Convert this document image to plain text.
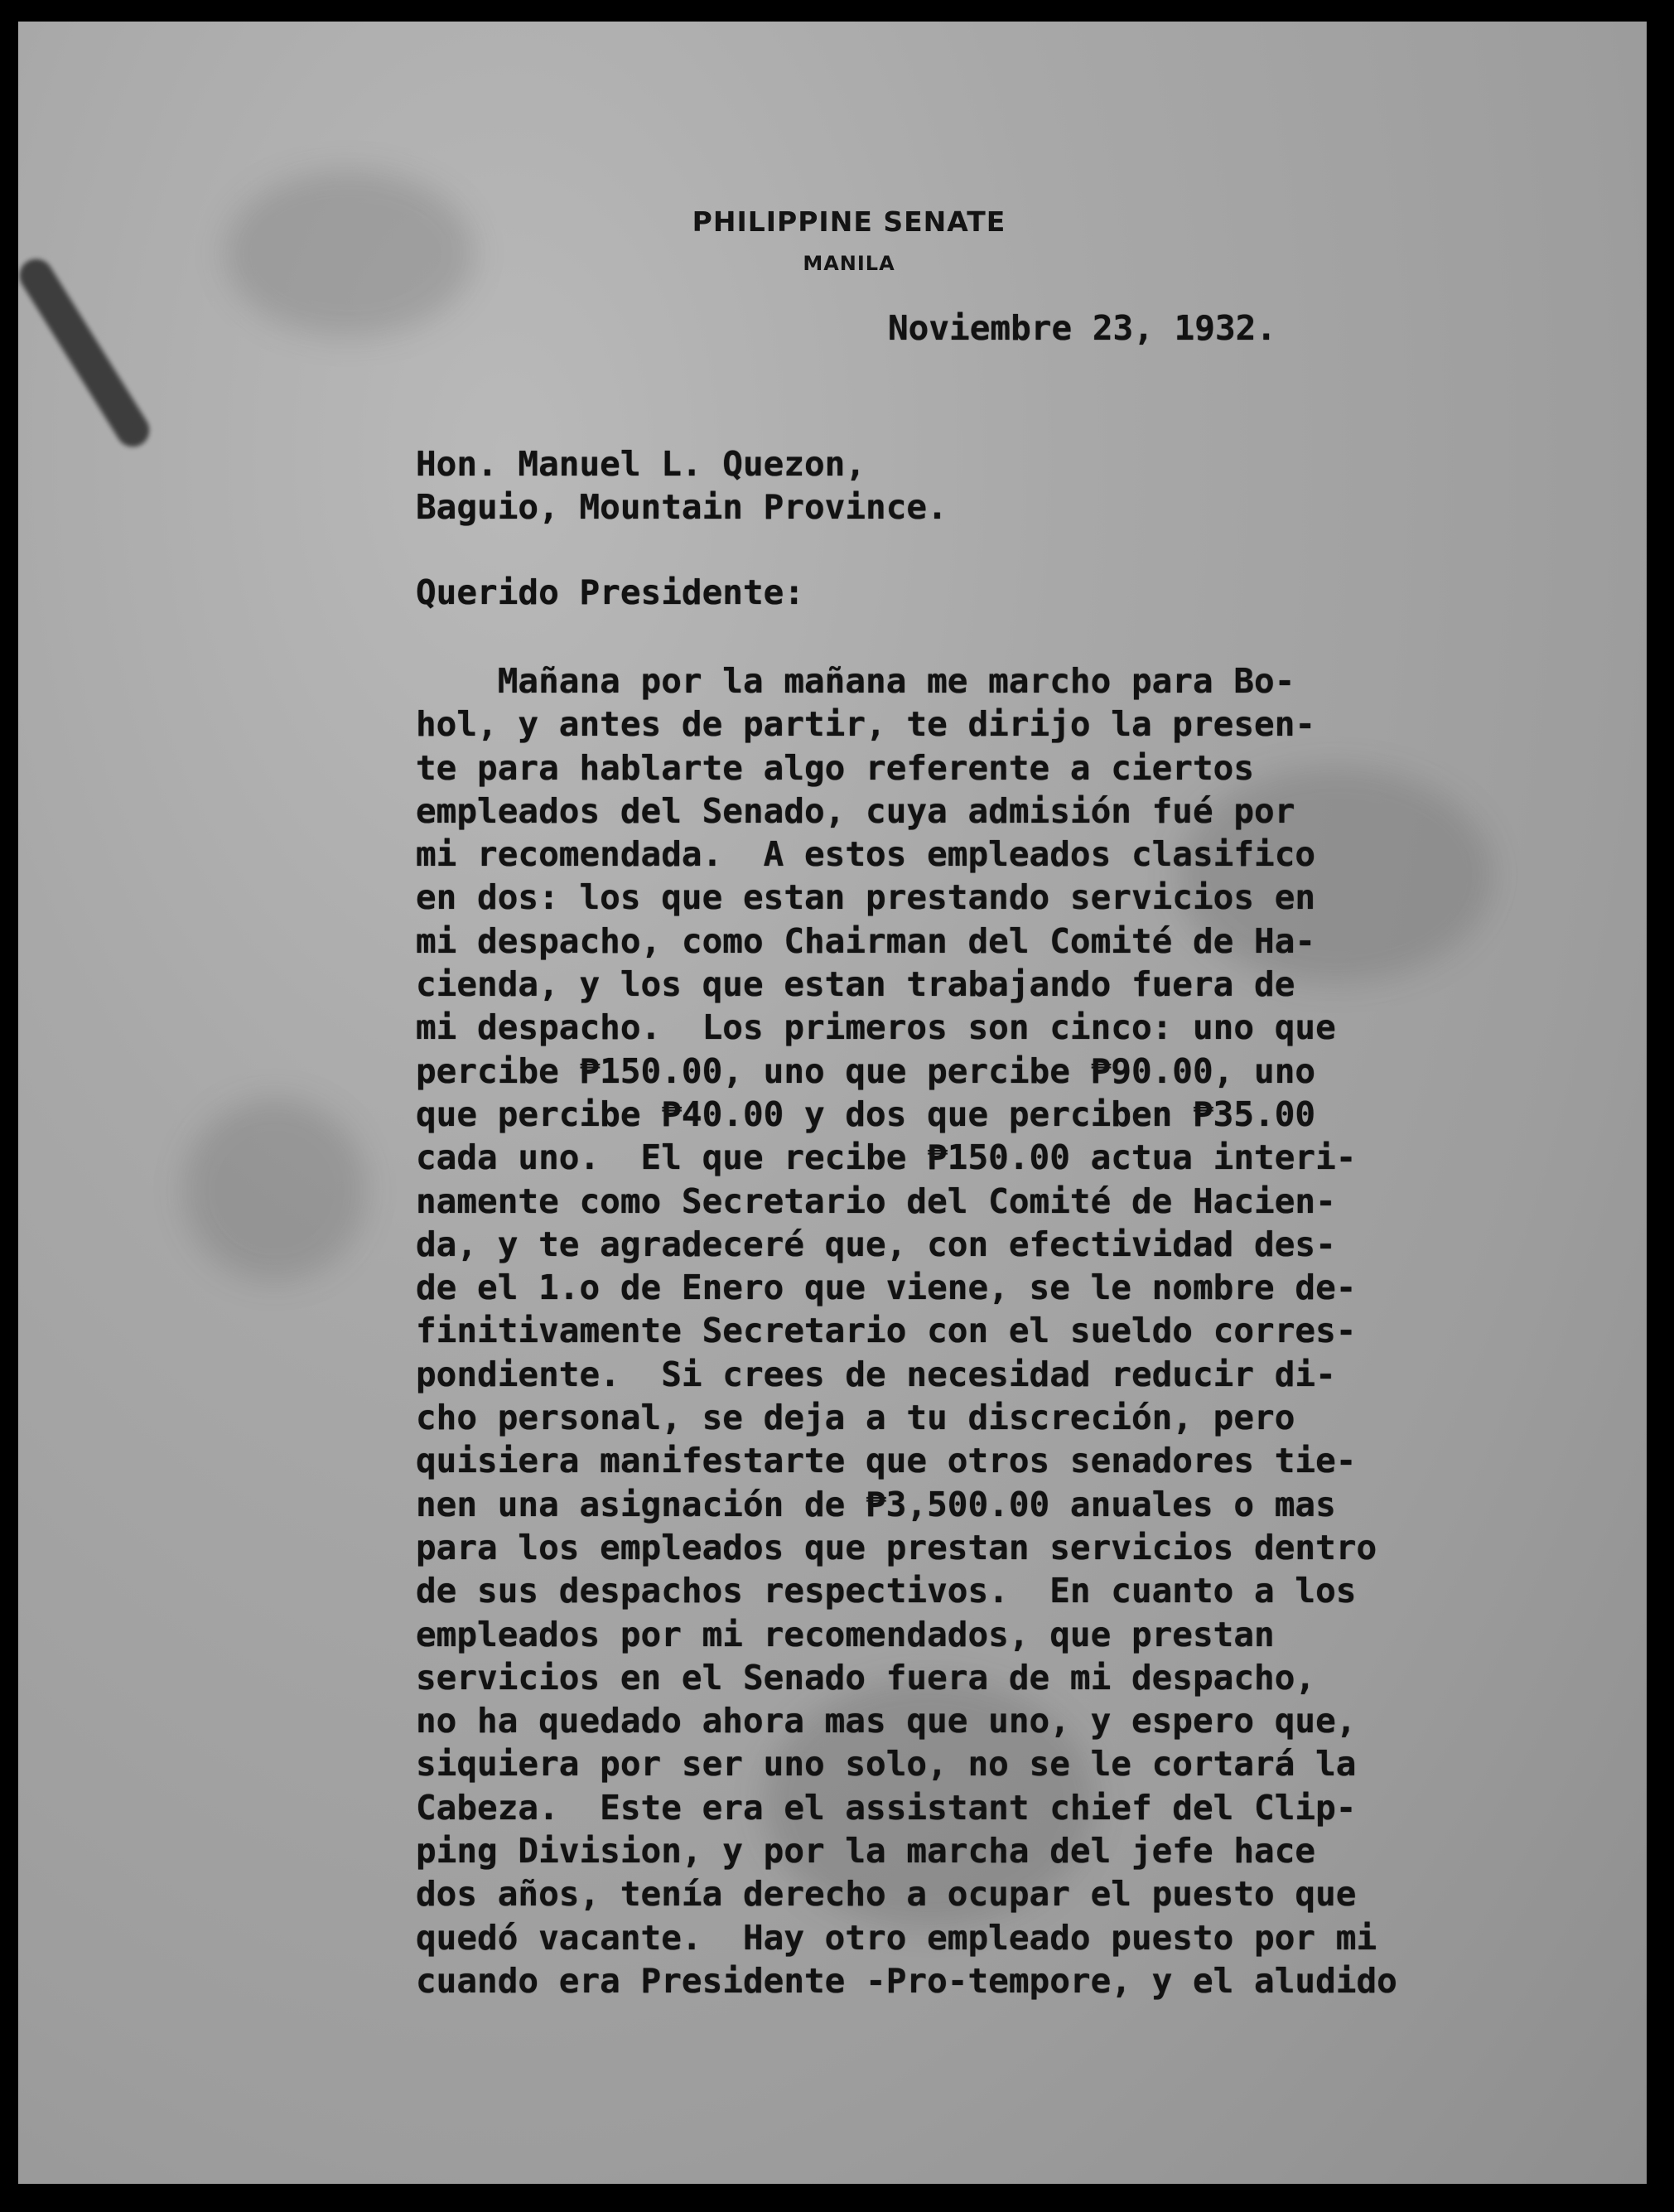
PHILIPPINE SENATE
MANILA
Noviembre 23, 1932.
Hon. Manuel L. Quezon,
Baguio, Mountain Province.
Querido Presidente:
Mañana por la mañana me marcho para Bo-
hol, y antes de partir, te dirijo la presen-
te para hablarte algo referente a ciertos
empleados del Senado, cuya admisión fué por
mi recomendada.  A estos empleados clasifico
en dos: los que estan prestando servicios en
mi despacho, como Chairman del Comité de Ha-
cienda, y los que estan trabajando fuera de
mi despacho.  Los primeros son cinco: uno que
percibe ₱150.00, uno que percibe ₱90.00, uno
que percibe ₱40.00 y dos que perciben ₱35.00
cada uno.  El que recibe ₱150.00 actua interi-
namente como Secretario del Comité de Hacien-
da, y te agradeceré que, con efectividad des-
de el 1.o de Enero que viene, se le nombre de-
finitivamente Secretario con el sueldo corres-
pondiente.  Si crees de necesidad reducir di-
cho personal, se deja a tu discreción, pero
quisiera manifestarte que otros senadores tie-
nen una asignación de ₱3,500.00 anuales o mas
para los empleados que prestan servicios dentro
de sus despachos respectivos.  En cuanto a los
empleados por mi recomendados, que prestan
servicios en el Senado fuera de mi despacho,
no ha quedado ahora mas que uno, y espero que,
siquiera por ser uno solo, no se le cortará la
Cabeza.  Este era el assistant chief del Clip-
ping Division, y por la marcha del jefe hace
dos años, tenía derecho a ocupar el puesto que
quedó vacante.  Hay otro empleado puesto por mi
cuando era Presidente -Pro-tempore, y el aludido
